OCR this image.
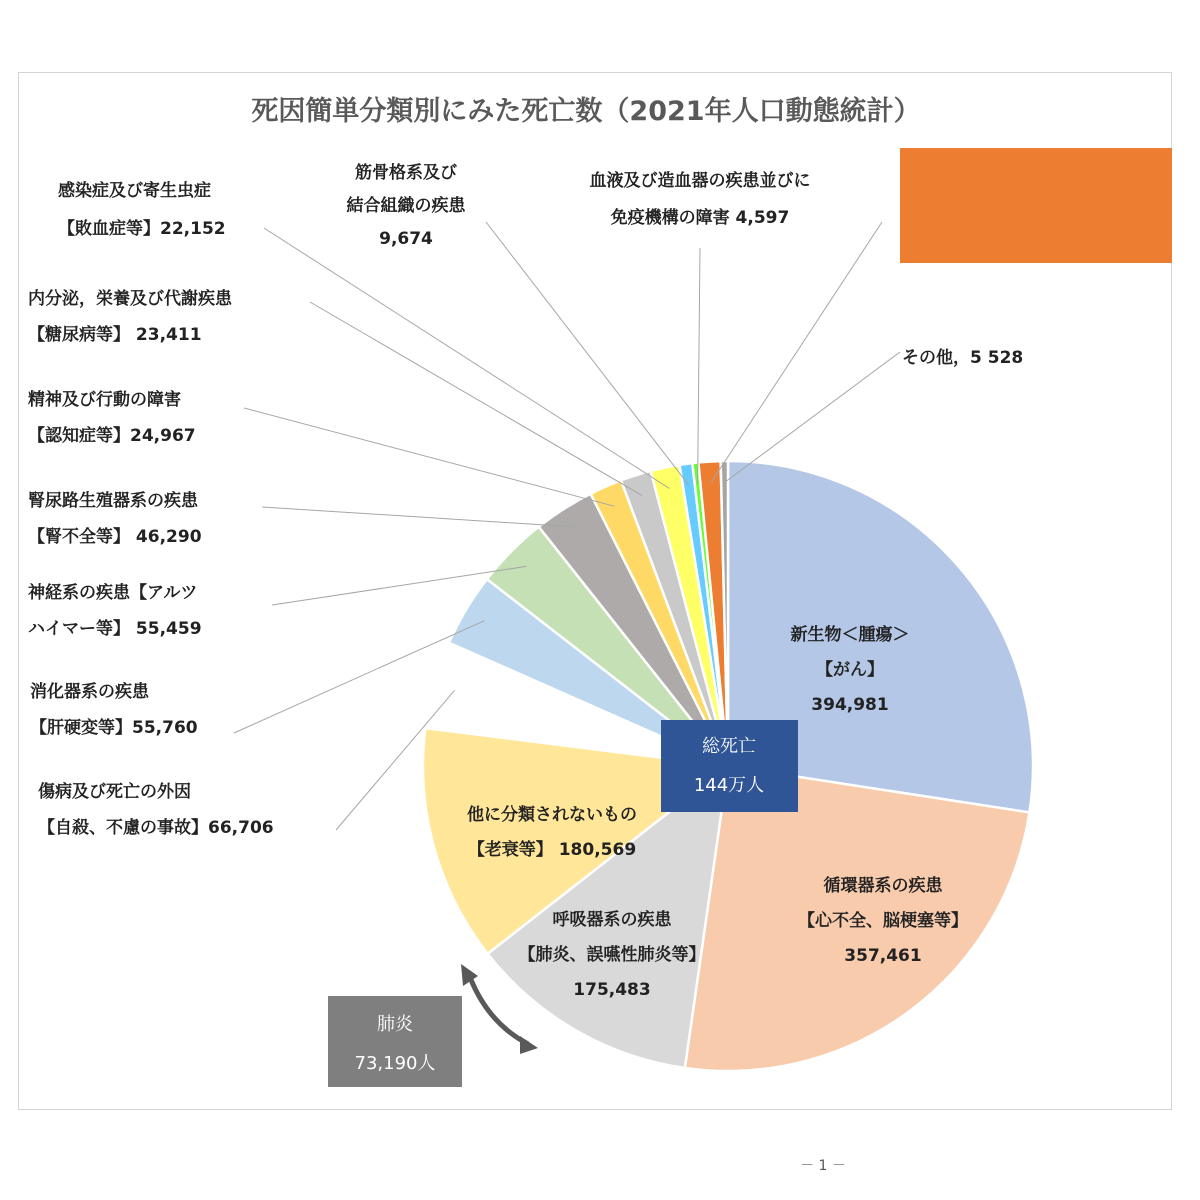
死因簡単分類別にみた死亡数（2021年人口動態統計）
新生物＜腫瘍＞
【がん】
394,981
循環器系の疾患
【心不全、脳梗塞等】
357,461
呼吸器系の疾患
【肺炎、誤嚥性肺炎等】
175,483
他に分類されないもの
【老衰等】 180,569
傷病及び死亡の外因
【自殺、不慮の事故】66,706
消化器系の疾患
【肝硬変等】55,760
神経系の疾患【アルツ
ハイマー等】 55,459
腎尿路生殖器系の疾患
【腎不全等】 46,290
精神及び行動の障害
【認知症等】24,967
内分泌，栄養及び代謝疾患
【糖尿病等】 23,411
感染症及び寄生虫症
【敗血症等】22,152
筋骨格系及び
結合組織の疾患
9,674
血液及び造血器の疾患並びに
免疫機構の障害 4,597
その他，5 528
総死亡
144万人
肺炎
73,190人
－ 1 －
